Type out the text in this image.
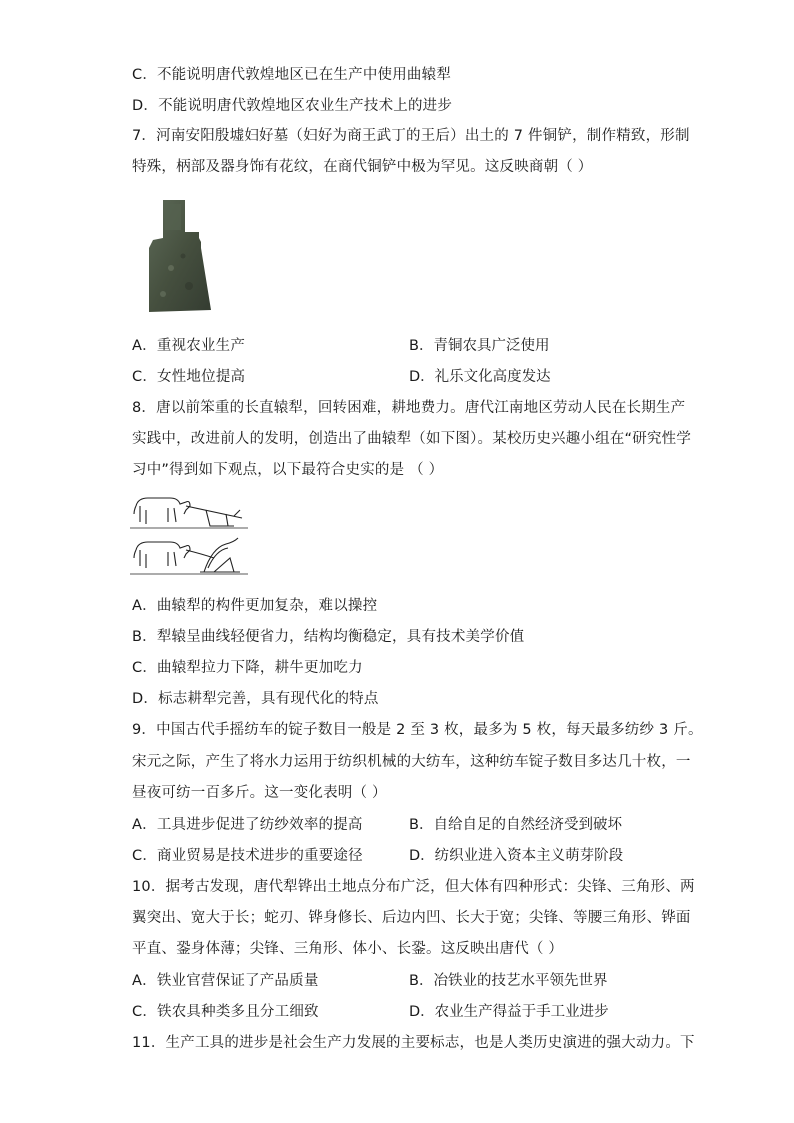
C．不能说明唐代敦煌地区已在生产中使用曲辕犁
D．不能说明唐代敦煌地区农业生产技术上的进步
7．河南安阳殷墟妇好墓（妇好为商王武丁的王后）出土的 7 件铜铲，制作精致，形制
特殊，柄部及器身饰有花纹，在商代铜铲中极为罕见。这反映商朝（ ）
A．重视农业生产	B．青铜农具广泛使用
C．女性地位提高	D．礼乐文化高度发达
8．唐以前笨重的长直辕犁，回转困难，耕地费力。唐代江南地区劳动人民在长期生产
实践中，改进前人的发明，创造出了曲辕犁（如下图）。某校历史兴趣小组在“研究性学
习中”得到如下观点，以下最符合史实的是 （ ）
A．曲辕犁的构件更加复杂，难以操控
B．犁辕呈曲线轻便省力，结构均衡稳定，具有技术美学价值
C．曲辕犁拉力下降，耕牛更加吃力
D．标志耕犁完善，具有现代化的特点
9．中国古代手摇纺车的锭子数目一般是 2 至 3 枚，最多为 5 枚，每天最多纺纱 3 斤。
宋元之际，产生了将水力运用于纺织机械的大纺车，这种纺车锭子数目多达几十枚，一
昼夜可纺一百多斤。这一变化表明（ ）
A．工具进步促进了纺纱效率的提高	B．自给自足的自然经济受到破坏
C．商业贸易是技术进步的重要途径	D．纺织业进入资本主义萌芽阶段
10．据考古发现，唐代犁铧出土地点分布广泛，但大体有四种形式：尖锋、三角形、两
翼突出、宽大于长；蛇刃、铧身修长、后边内凹、长大于宽；尖锋、等腰三角形、铧面
平直、銎身体薄；尖锋、三角形、体小、长銎。这反映出唐代（ ）
A．铁业官营保证了产品质量	B．冶铁业的技艺水平领先世界
C．铁农具种类多且分工细致	D．农业生产得益于手工业进步
11．生产工具的进步是社会生产力发展的主要标志，也是人类历史演进的强大动力。下
